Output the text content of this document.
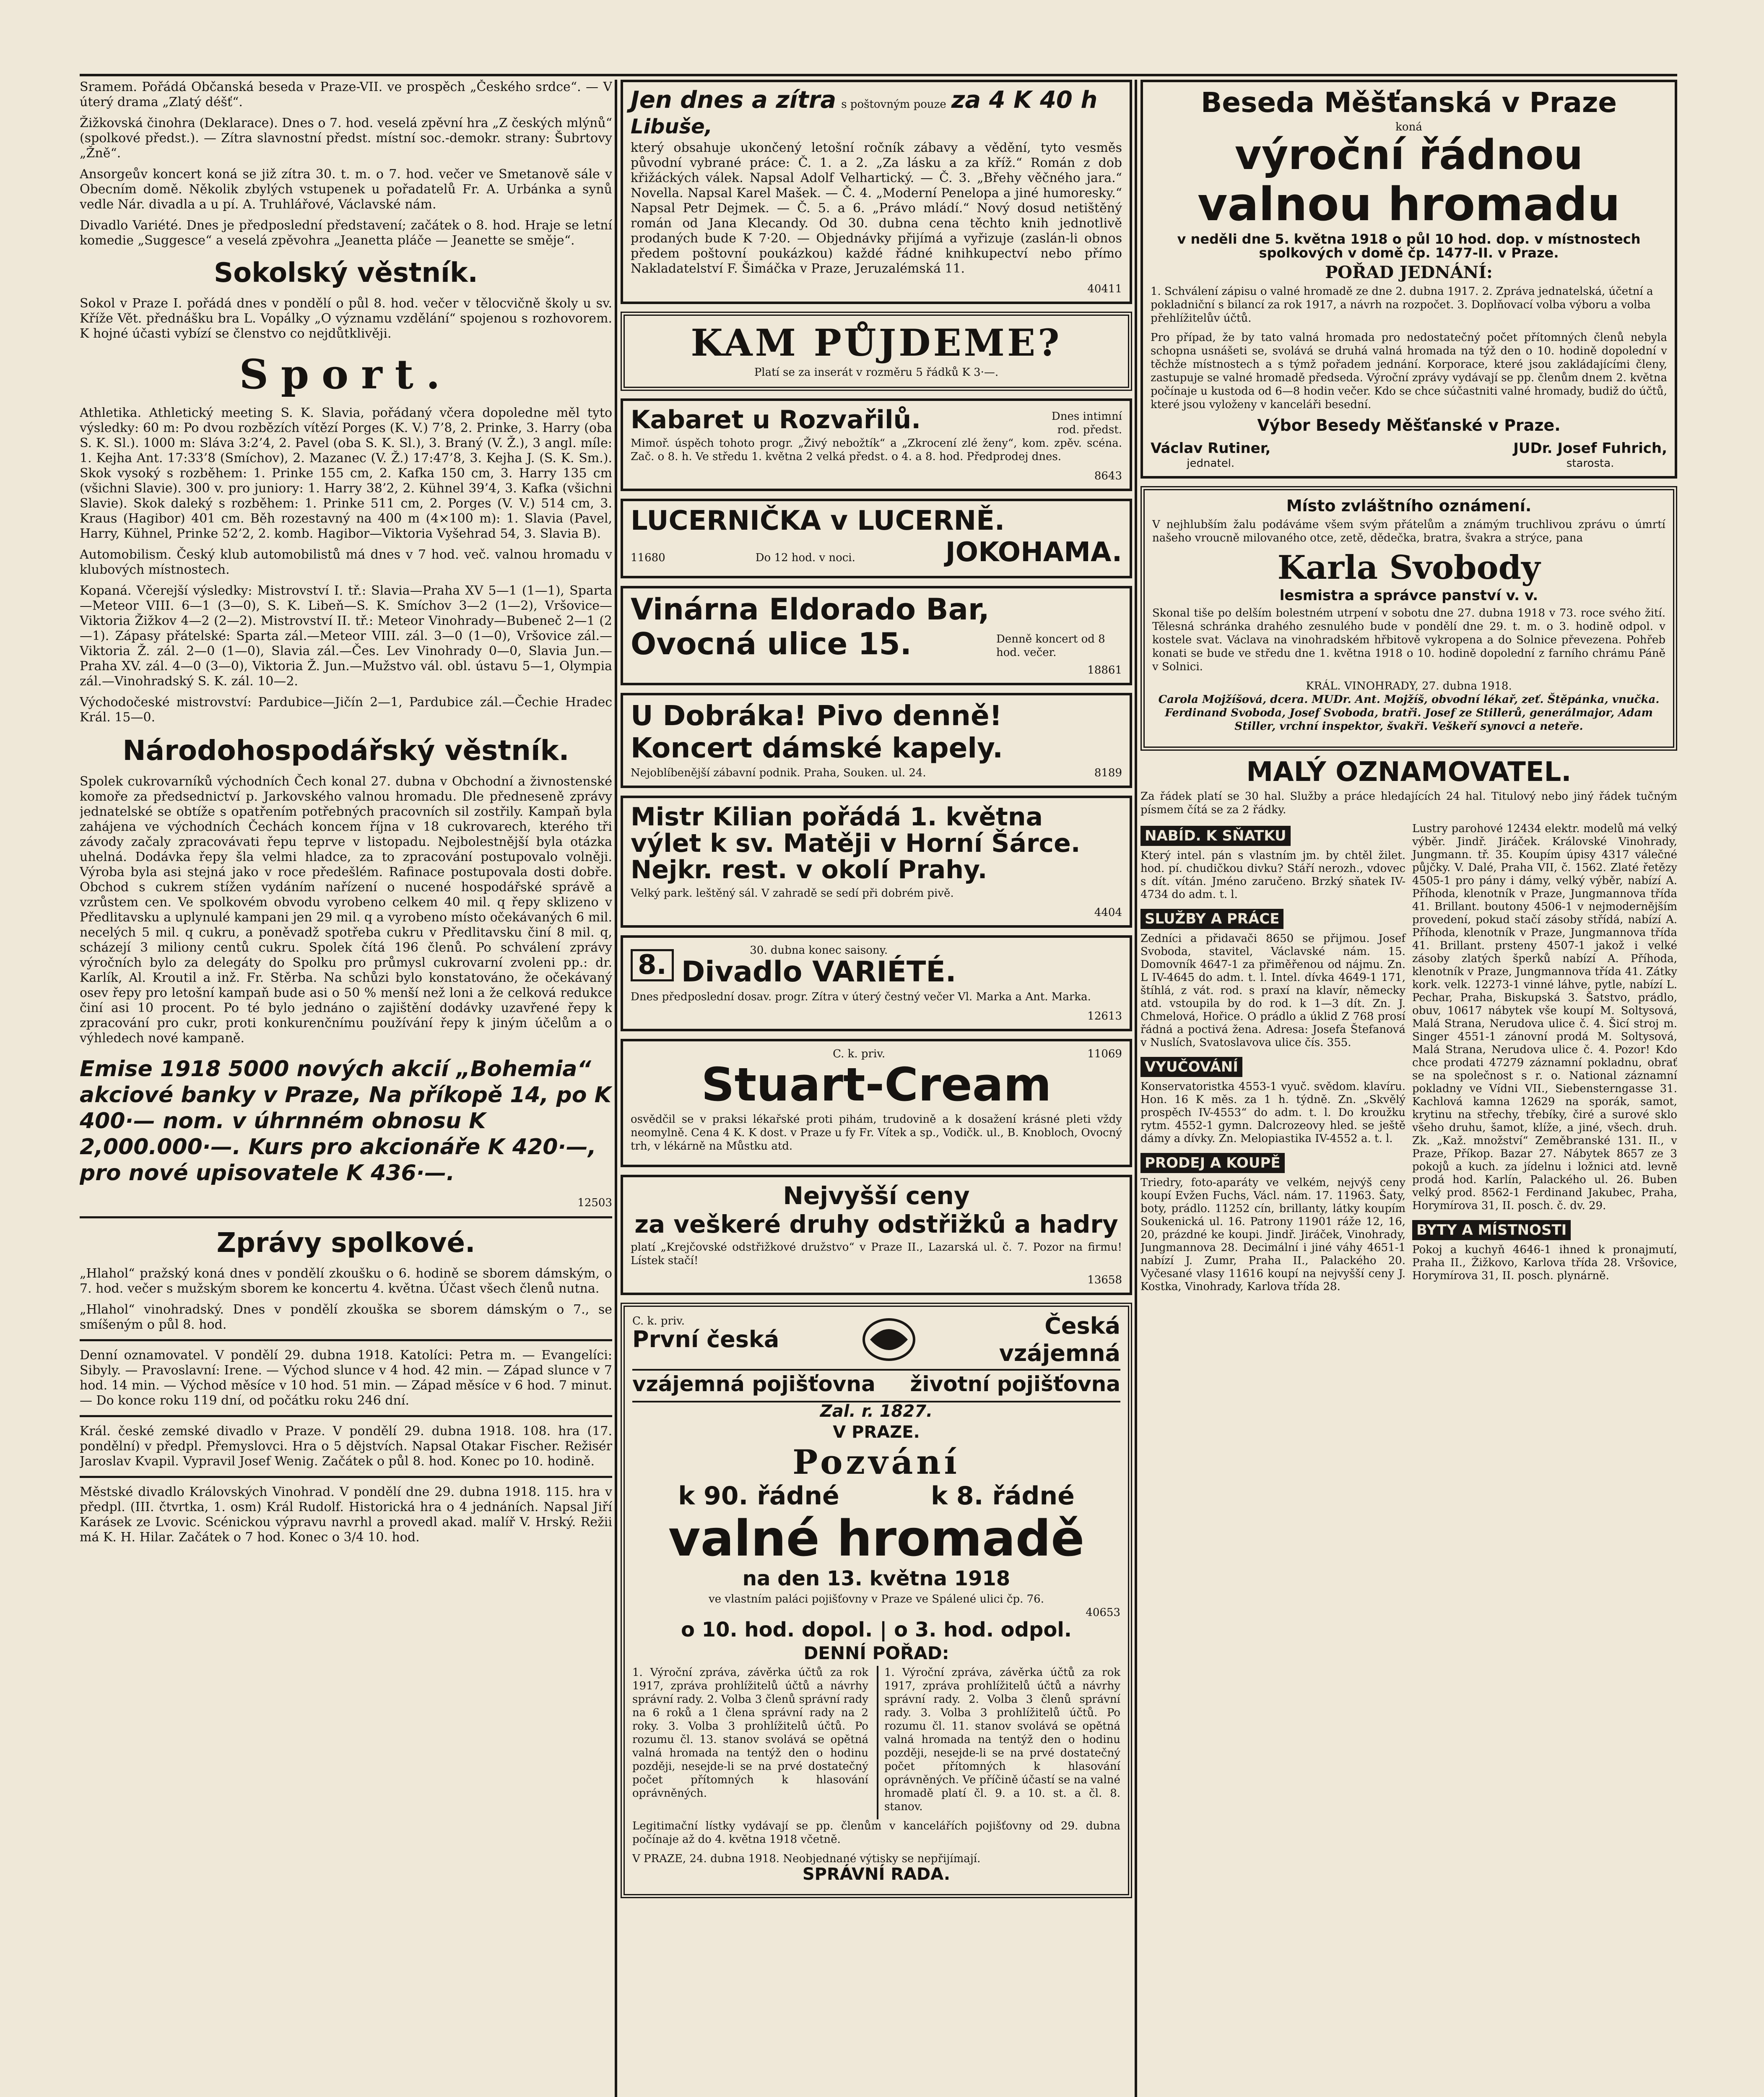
Sramem. Pořádá Občanská beseda v Praze-VII. ve prospěch „Českého srdce“. — V úterý drama „Zlatý déšť“.

Žižkovská činohra (Deklarace). Dnes o 7. hod. veselá zpěvní hra „Z českých mlýnů“ (spolkové předst.). — Zítra slavnostní předst. místní soc.-demokr. strany: Šubrtovy „Žně“.

Ansorgeův koncert koná se již zítra 30. t. m. o 7. hod. večer ve Smetanově sále v Obecním domě. Několik zbylých vstupenek u pořadatelů Fr. A. Urbánka a synů vedle Nár. divadla a u pí. A. Truhlářové, Václavské nám.

Divadlo Variété. Dnes je předposlední představení; začátek o 8. hod. Hraje se letní komedie „Suggesce“ a veselá zpěvohra „Jeanetta pláče — Jeanette se směje“.

Sokolský věstník.

Sokol v Praze I. pořádá dnes v pondělí o půl 8. hod. večer v tělocvičně školy u sv. Kříže Vět. přednášku bra L. Vopálky „O významu vzdělání“ spojenou s rozhovorem. K hojné účasti vybízí se členstvo co nejdůtklivěji.

Sport.

Athletika. Athletický meeting S. K. Slavia, pořádaný včera dopoledne měl tyto výsledky: 60 m: Po dvou rozbězích vítězí Porges (K. V.) 7’8, 2. Prinke, 3. Harry (oba S. K. Sl.). 1000 m: Sláva 3:2’4, 2. Pavel (oba S. K. Sl.), 3. Braný (V. Ž.), 3 angl. míle: 1. Kejha Ant. 17:33’8 (Smíchov), 2. Mazanec (V. Ž.) 17:47’8, 3. Kejha J. (S. K. Sm.). Skok vysoký s rozběhem: 1. Prinke 155 cm, 2. Kafka 150 cm, 3. Harry 135 cm (všichni Slavie). 300 v. pro juniory: 1. Harry 38’2, 2. Kühnel 39’4, 3. Kafka (všichni Slavie). Skok daleký s rozběhem: 1. Prinke 511 cm, 2. Porges (V. V.) 514 cm, 3. Kraus (Hagibor) 401 cm. Běh rozestavný na 400 m (4×100 m): 1. Slavia (Pavel, Harry, Kühnel, Prinke 52’2, 2. komb. Hagibor—Viktoria Vyšehrad 54, 3. Slavia B).

Automobilism. Český klub automobilistů má dnes v 7 hod. več. valnou hromadu v klubových místnostech.

Kopaná. Včerejší výsledky: Mistrovství I. tř.: Slavia—Praha XV 5—1 (1—1), Sparta—Meteor VIII. 6—1 (3—0), S. K. Libeň—S. K. Smíchov 3—2 (1—2), Vršovice—Viktoria Žižkov 4—2 (2—2). Mistrovství II. tř.: Meteor Vinohrady—Bubeneč 2—1 (2—1). Zápasy přátelské: Sparta zál.—Meteor VIII. zál. 3—0 (1—0), Vršovice zál.—Viktoria Ž. zál. 2—0 (1—0), Slavia zál.—Čes. Lev Vinohrady 0—0, Slavia Jun.—Praha XV. zál. 4—0 (3—0), Viktoria Ž. Jun.—Mužstvo vál. obl. ústavu 5—1, Olympia zál.—Vinohradský S. K. zál. 10—2.

Východočeské mistrovství: Pardubice—Jičín 2—1, Pardubice zál.—Čechie Hradec Král. 15—0.

Národohospodářský věstník.

Spolek cukrovarníků východních Čech konal 27. dubna v Obchodní a živnostenské komoře za předsednictví p. Jarkovského valnou hromadu. Dle předneseně zprávy jednatelské se obtíže s opatřením potřebných pracovních sil zostřily. Kampaň byla zahájena ve východních Čechách koncem října v 18 cukrovarech, kterého tři závody začaly zpracovávati řepu teprve v listopadu. Nejbolestnější byla otázka uhelná. Dodávka řepy šla velmi hladce, za to zpracování postupovalo volněji. Výroba byla asi stejná jako v roce předešlém. Rafinace postupovala dosti dobře. Obchod s cukrem stížen vydáním nařízení o nucené hospodářské správě a vzrůstem cen. Ve spolkovém obvodu vyrobeno celkem 40 mil. q řepy sklizeno v Předlitavsku a uplynulé kampani jen 29 mil. q a vyrobeno místo očekávaných 6 mil. necelých 5 mil. q cukru, a poněvadž spotřeba cukru v Předlitavsku činí 8 mil. q, scházejí 3 miliony centů cukru. Spolek čítá 196 členů. Po schválení zprávy výročních bylo za delegáty do Spolku pro průmysl cukrovarní zvoleni pp.: dr. Karlík, Al. Kroutil a inž. Fr. Stěrba. Na schůzi bylo konstatováno, že očekávaný osev řepy pro letošní kampaň bude asi o 50 % menší než loni a že celková redukce činí asi 10 procent. Po té bylo jednáno o zajištění dodávky uzavřené řepy k zpracování pro cukr, proti konkurenčnímu používání řepy k jiným účelům a o výhledech nové kampaně.

Emise 1918 5000 nových akcií „Bohemia“ akciové banky v Praze, Na příkopě 14, po K 400·— nom. v úhrnném obnosu K 2,000.000·—. Kurs pro akcionáře K 420·—, pro nové upisovatele K 436·—.
12503
Zprávy spolkové.

„Hlahol“ pražský koná dnes v pondělí zkoušku o 6. hodině se sborem dámským, o 7. hod. večer s mužským sborem ke koncertu 4. května. Účast všech členů nutna.

„Hlahol“ vinohradský. Dnes v pondělí zkouška se sborem dámským o 7., se smíšeným o půl 8. hod.

Denní oznamovatel. V pondělí 29. dubna 1918. Katolíci: Petra m. — Evangelíci: Sibyly. — Pravoslavní: Irene. — Východ slunce v 4 hod. 42 min. — Západ slunce v 7 hod. 14 min. — Východ měsíce v 10 hod. 51 min. — Západ měsíce v 6 hod. 7 minut. — Do konce roku 119 dní, od počátku roku 246 dní.

Král. české zemské divadlo v Praze. V pondělí 29. dubna 1918. 108. hra (17. pondělní) v předpl. Přemyslovci. Hra o 5 dějstvích. Napsal Otakar Fischer. Režisér Jaroslav Kvapil. Vypravil Josef Wenig. Začátek o půl 8. hod. Konec po 10. hodině.

Městské divadlo Královských Vinohrad. V pondělí dne 29. dubna 1918. 115. hra v předpl. (III. čtvrtka, 1. osm) Král Rudolf. Historická hra o 4 jednáních. Napsal Jiří Karásek ze Lvovic. Scénickou výpravu navrhl a provedl akad. malíř V. Hrský. Režii má K. H. Hilar. Začátek o 7 hod. Konec o 3/4 10. hod.

Jen dnes a zítra s poštovným pouze za 4 K 40 h
Libuše,

který obsahuje ukončený letošní ročník zábavy a vědění, tyto vesměs původní vybrané práce: Č. 1. a 2. „Za lásku a za kříž.“ Román z dob křižáckých válek. Napsal Adolf Velhartický. — Č. 3. „Břehy věčného jara.“ Novella. Napsal Karel Mašek. — Č. 4. „Moderní Penelopa a jiné humoresky.“ Napsal Petr Dejmek. — Č. 5. a 6. „Právo mládí.“ Nový dosud netištěný román od Jana Klecandy. Od 30. dubna cena těchto knih jednotlivě prodaných bude K 7·20. — Objednávky přijímá a vyřizuje (zaslán-li obnos předem poštovní poukázkou) každé řádné knihkupectví nebo přímo Nakladatelství F. Šimáčka v Praze, Jeruzalémská 11.

40411
KAM PŮJDEME?
Platí se za inserát v rozměru 5 řádků K 3·—.
Kabaret u Rozvařilů.	Dnes intimní rod. předst.

Mimoř. úspěch tohoto progr. „Živý nebožtík“ a „Zkrocení zlé ženy“, kom. zpěv. scéna. Zač. o 8. h. Ve středu 1. května 2 velká předst. o 4. a 8. hod. Předprodej dnes.

8643
LUCERNIČKA v LUCERNĚ.
11680	Do 12 hod. v noci.	JOKOHAMA.
Vinárna Eldorado Bar,
Ovocná ulice 15.	Denně koncert od 8 hod. večer.
18861
U Dobráka! Pivo denně!
Koncert dámské kapely.
Nejoblíbenější zábavní podnik. Praha, Souken. ul. 24.	8189
Mistr Kilian pořádá 1. května výlet k sv. Matěji v Horní Šárce. Nejkr. rest. v okolí Prahy.

Velký park. leštěný sál. V zahradě se sedí při dobrém pivě.

4404
8.	30. dubna konec saisony.
Divadlo VARIÉTÉ.

Dnes předposlední dosav. progr. Zítra v úterý čestný večer Vl. Marka a Ant. Marka.

12613
C. k. priv.	11069
Stuart-Cream

osvědčil se v praksi lékařské proti pihám, trudovině a k dosažení krásné pleti vždy neomylně. Cena 4 K. K dost. v Praze u fy Fr. Vítek a sp., Vodičk. ul., B. Knobloch, Ovocný trh, v lékárně na Můstku atd.

Nejvyšší ceny
za veškeré druhy odstřižků a hadry

platí „Krejčovské odstřižkové družstvo“ v Praze II., Lazarská ul. č. 7. Pozor na firmu! Lístek stačí!

13658
C. k. priv.
První česká
Česká
vzájemná
vzájemná pojišťovna životní pojišťovna
Zal. r. 1827.
V PRAZE.
Pozvání
k 90. řádné	k 8. řádné
valné hromadě
na den 13. května 1918
ve vlastním paláci pojišťovny v Praze ve Spálené ulici čp. 76.
40653
o 10. hod. dopol. | o 3. hod. odpol.
DENNÍ POŘAD:

1. Výroční zpráva, závěrka účtů za rok 1917, zpráva prohlížitelů účtů a návrhy správní rady. 2. Volba 3 členů správní rady na 6 roků a 1 člena správní rady na 2 roky. 3. Volba 3 prohlížitelů účtů. Po rozumu čl. 13. stanov svolává se opětná valná hromada na tentýž den o hodinu později, nesejde-li se na prvé dostatečný počet přítomných k hlasování oprávněných.

1. Výroční zpráva, závěrka účtů za rok 1917, zpráva prohlížitelů účtů a návrhy správní rady. 2. Volba 3 členů správní rady. 3. Volba 3 prohlížitelů účtů. Po rozumu čl. 11. stanov svolává se opětná valná hromada na tentýž den o hodinu později, nesejde-li se na prvé dostatečný počet přítomných k hlasování oprávněných. Ve příčině účastí se na valné hromadě platí čl. 9. a 10. st. a čl. 8. stanov.

Legitimační lístky vydávají se pp. členům v kancelářích pojišťovny od 29. dubna počínaje až do 4. května 1918 včetně.

V PRAZE, 24. dubna 1918. Neobjednané výtisky se nepřijímají.
SPRÁVNÍ RADA.
Beseda Měšťanská v Praze
koná
výroční řádnou
valnou hromadu
v neděli dne 5. května 1918 o půl 10 hod. dop. v místnostech spolkových v domě čp. 1477-II. v Praze.
POŘAD JEDNÁNÍ:

1. Schválení zápisu o valné hromadě ze dne 2. dubna 1917. 2. Zpráva jednatelská, účetní a pokladniční s bilancí za rok 1917, a návrh na rozpočet. 3. Doplňovací volba výboru a volba přehlížitelův účtů.

Pro případ, že by tato valná hromada pro nedostatečný počet přítomných členů nebyla schopna usnášeti se, svolává se druhá valná hromada na týž den o 10. hodině dopolední v těchže místnostech a s týmž pořadem jednání. Korporace, které jsou zakládajícími členy, zastupuje se valné hromadě předseda. Výroční zprávy vydávají se pp. členům dnem 2. května počínaje u kustoda od 6—8 hodin večer. Kdo se chce súčastniti valné hromady, budiž do účtů, které jsou vyloženy v kanceláři besední.

Výbor Besedy Měšťanské v Praze.
Václav Rutiner,
jednatel.
JUDr. Josef Fuhrich,
starosta.
Místo zvláštního oznámení.

V nejhlubším žalu podáváme všem svým přátelům a známým truchlivou zprávu o úmrtí našeho vroucně milovaného otce, zetě, dědečka, bratra, švakra a strýce, pana

Karla Svobody
lesmistra a správce panství v. v.

Skonal tiše po delším bolestném utrpení v sobotu dne 27. dubna 1918 v 73. roce svého žití. Tělesná schránka drahého zesnulého bude v pondělí dne 29. t. m. o 3. hodině odpol. v kostele svat. Václava na vinohradském hřbitově vykropena a do Solnice převezena. Pohřeb konati se bude ve středu dne 1. května 1918 o 10. hodině dopolední z farního chrámu Páně v Solnici.

KRÁL. VINOHRADY, 27. dubna 1918.

Carola Mojžíšová, dcera. MUDr. Ant. Mojžíš, obvodní lékař, zeť. Štěpánka, vnučka. Ferdinand Svoboda, Josef Svoboda, bratři. Josef ze Stillerů, generálmajor, Adam Stiller, vrchní inspektor, švakři. Veškeří synovci a neteře.

MALÝ OZNAMOVATEL.

Za řádek platí se 30 hal. Služby a práce hledajících 24 hal. Titulový nebo jiný řádek tučným písmem čítá se za 2 řádky.

NABÍD. K SŇATKU

Který intel. pán s vlastním jm. by chtěl žilet. hod. pí. chudičkou divku? Stáří nerozh., vdovec s dít. vítán. Jméno zaručeno. Brzký sňatek IV-4734 do adm. t. l.

SLUŽBY A PRÁCE

Zedníci a přidavači 8650 se přijmou. Josef Svoboda, stavitel, Václavské nám. 15. Domovník 4647-1 za přiměřenou od nájmu. Zn. L IV-4645 do adm. t. l. Intel. dívka 4649-1 171, štíhlá, z vát. rod. s praxí na klavír, německy atd. vstoupila by do rod. k 1—3 dít. Zn. J. Chmelová, Hořice. O prádlo a úklid Z 768 prosí řádná a poctivá žena. Adresa: Josefa Štefanová v Nuslích, Svatoslavova ulice čís. 355.

VYUČOVÁNÍ

Konservatoristka 4553-1 vyuč. svědom. klavíru. Hon. 16 K měs. za 1 h. týdně. Zn. „Skvělý prospěch IV-4553“ do adm. t. l. Do kroužku rytm. 4552-1 gymn. Dalcrozeovy hled. se ještě dámy a dívky. Zn. Melopiastika IV-4552 a. t. l.

PRODEJ A KOUPĚ

Triedry, foto-aparáty ve velkém, nejvýš ceny koupí Evžen Fuchs, Václ. nám. 17. 11963. Šaty, boty, prádlo. 11252 cín, brillanty, látky koupím Soukenická ul. 16. Patrony 11901 ráže 12, 16, 20, prázdné ke koupi. Jindř. Jiráček, Vinohrady, Jungmannova 28. Decimální i jiné váhy 4651-1 nabízí J. Zumr, Praha II., Palackého 20. Vyčesané vlasy 11616 koupí na nejvyšší ceny J. Kostka, Vinohrady, Karlova třída 28.

Lustry parohové 12434 elektr. modelů má velký výběr. Jindř. Jiráček. Královské Vinohrady, Jungmann. tř. 35. Koupím úpisy 4317 válečné půjčky. V. Dalé, Praha VII, č. 1562. Zlaté řetězy 4505-1 pro pány i dámy, velký výběr, nabízí A. Příhoda, klenotník v Praze, Jungmannova třída 41. Brillant. boutony 4506-1 v nejmodernějším provedení, pokud stačí zásoby střídá, nabízí A. Příhoda, klenotník v Praze, Jungmannova třída 41. Brillant. prsteny 4507-1 jakož i velké zásoby zlatých šperků nabízí A. Příhoda, klenotník v Praze, Jungmannova třída 41. Zátky kork. velk. 12273-1 vinné láhve, pytle, nabízí L. Pechar, Praha, Biskupská 3. Šatstvo, prádlo, obuv, 10617 nábytek vše koupí M. Soltysová, Malá Strana, Nerudova ulice č. 4. Šicí stroj m. Singer 4551-1 zánovní prodá M. Soltysová, Malá Strana, Nerudova ulice č. 4. Pozor! Kdo chce prodati 47279 záznamní pokladnu, obrať se na společnost s r. o. National záznamní pokladny ve Vídni VII., Siebensterngasse 31. Kachlová kamna 12629 na sporák, samot, krytinu na střechy, třebíky, čiré a surové sklo všeho druhu, šamot, klíže, a jiné, všech. druh. Zk. „Kaž. množství“ Zeměbranské 131. II., v Praze, Příkop. Bazar 27. Nábytek 8657 ze 3 pokojů a kuch. za jídelnu i ložnici atd. levně prodá hod. Karlín, Palackého ul. 26. Buben velký prod. 8562-1 Ferdinand Jakubec, Praha, Horymírova 31, II. posch. č. dv. 29.

BYTY A MÍSTNOSTI

Pokoj a kuchyň 4646-1 ihned k pronajmutí, Praha II., Žižkovo, Karlova třída 28. Vršovice, Horymírova 31, II. posch. plynárně.
